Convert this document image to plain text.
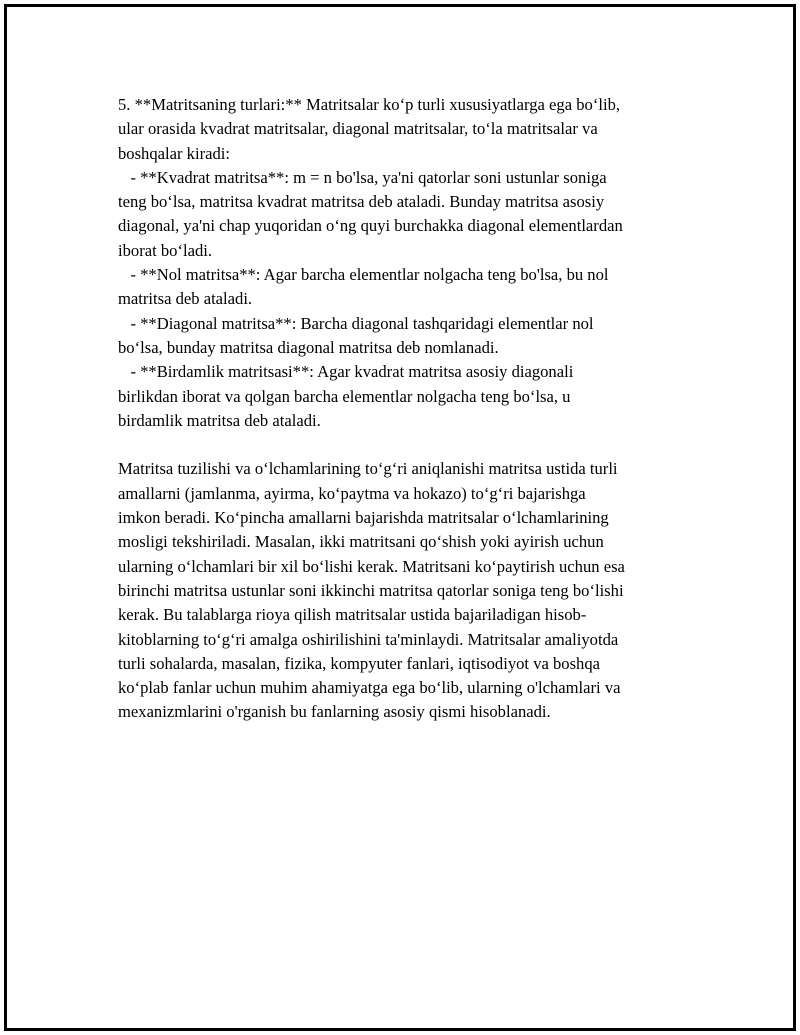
5. **Matritsaning turlari:** Matritsalar ko‘p turli xususiyatlarga ega bo‘lib,
ular orasida kvadrat matritsalar, diagonal matritsalar, to‘la matritsalar va
boshqalar kiradi:
- **Kvadrat matritsa**: m = n bo'lsa, ya'ni qatorlar soni ustunlar soniga
teng bo‘lsa, matritsa kvadrat matritsa deb ataladi. Bunday matritsa asosiy
diagonal, ya'ni chap yuqoridan o‘ng quyi burchakka diagonal elementlardan
iborat bo‘ladi.
- **Nol matritsa**: Agar barcha elementlar nolgacha teng bo'lsa, bu nol
matritsa deb ataladi.
- **Diagonal matritsa**: Barcha diagonal tashqaridagi elementlar nol
bo‘lsa, bunday matritsa diagonal matritsa deb nomlanadi.
- **Birdamlik matritsasi**: Agar kvadrat matritsa asosiy diagonali
birlikdan iborat va qolgan barcha elementlar nolgacha teng bo‘lsa, u
birdamlik matritsa deb ataladi.
Matritsa tuzilishi va o‘lchamlarining to‘g‘ri aniqlanishi matritsa ustida turli
amallarni (jamlanma, ayirma, ko‘paytma va hokazo) to‘g‘ri bajarishga
imkon beradi. Ko‘pincha amallarni bajarishda matritsalar o‘lchamlarining
mosligi tekshiriladi. Masalan, ikki matritsani qo‘shish yoki ayirish uchun
ularning o‘lchamlari bir xil bo‘lishi kerak. Matritsani ko‘paytirish uchun esa
birinchi matritsa ustunlar soni ikkinchi matritsa qatorlar soniga teng bo‘lishi
kerak. Bu talablarga rioya qilish matritsalar ustida bajariladigan hisob-
kitoblarning to‘g‘ri amalga oshirilishini ta'minlaydi. Matritsalar amaliyotda
turli sohalarda, masalan, fizika, kompyuter fanlari, iqtisodiyot va boshqa
ko‘plab fanlar uchun muhim ahamiyatga ega bo‘lib, ularning o'lchamlari va
mexanizmlarini o'rganish bu fanlarning asosiy qismi hisoblanadi.
